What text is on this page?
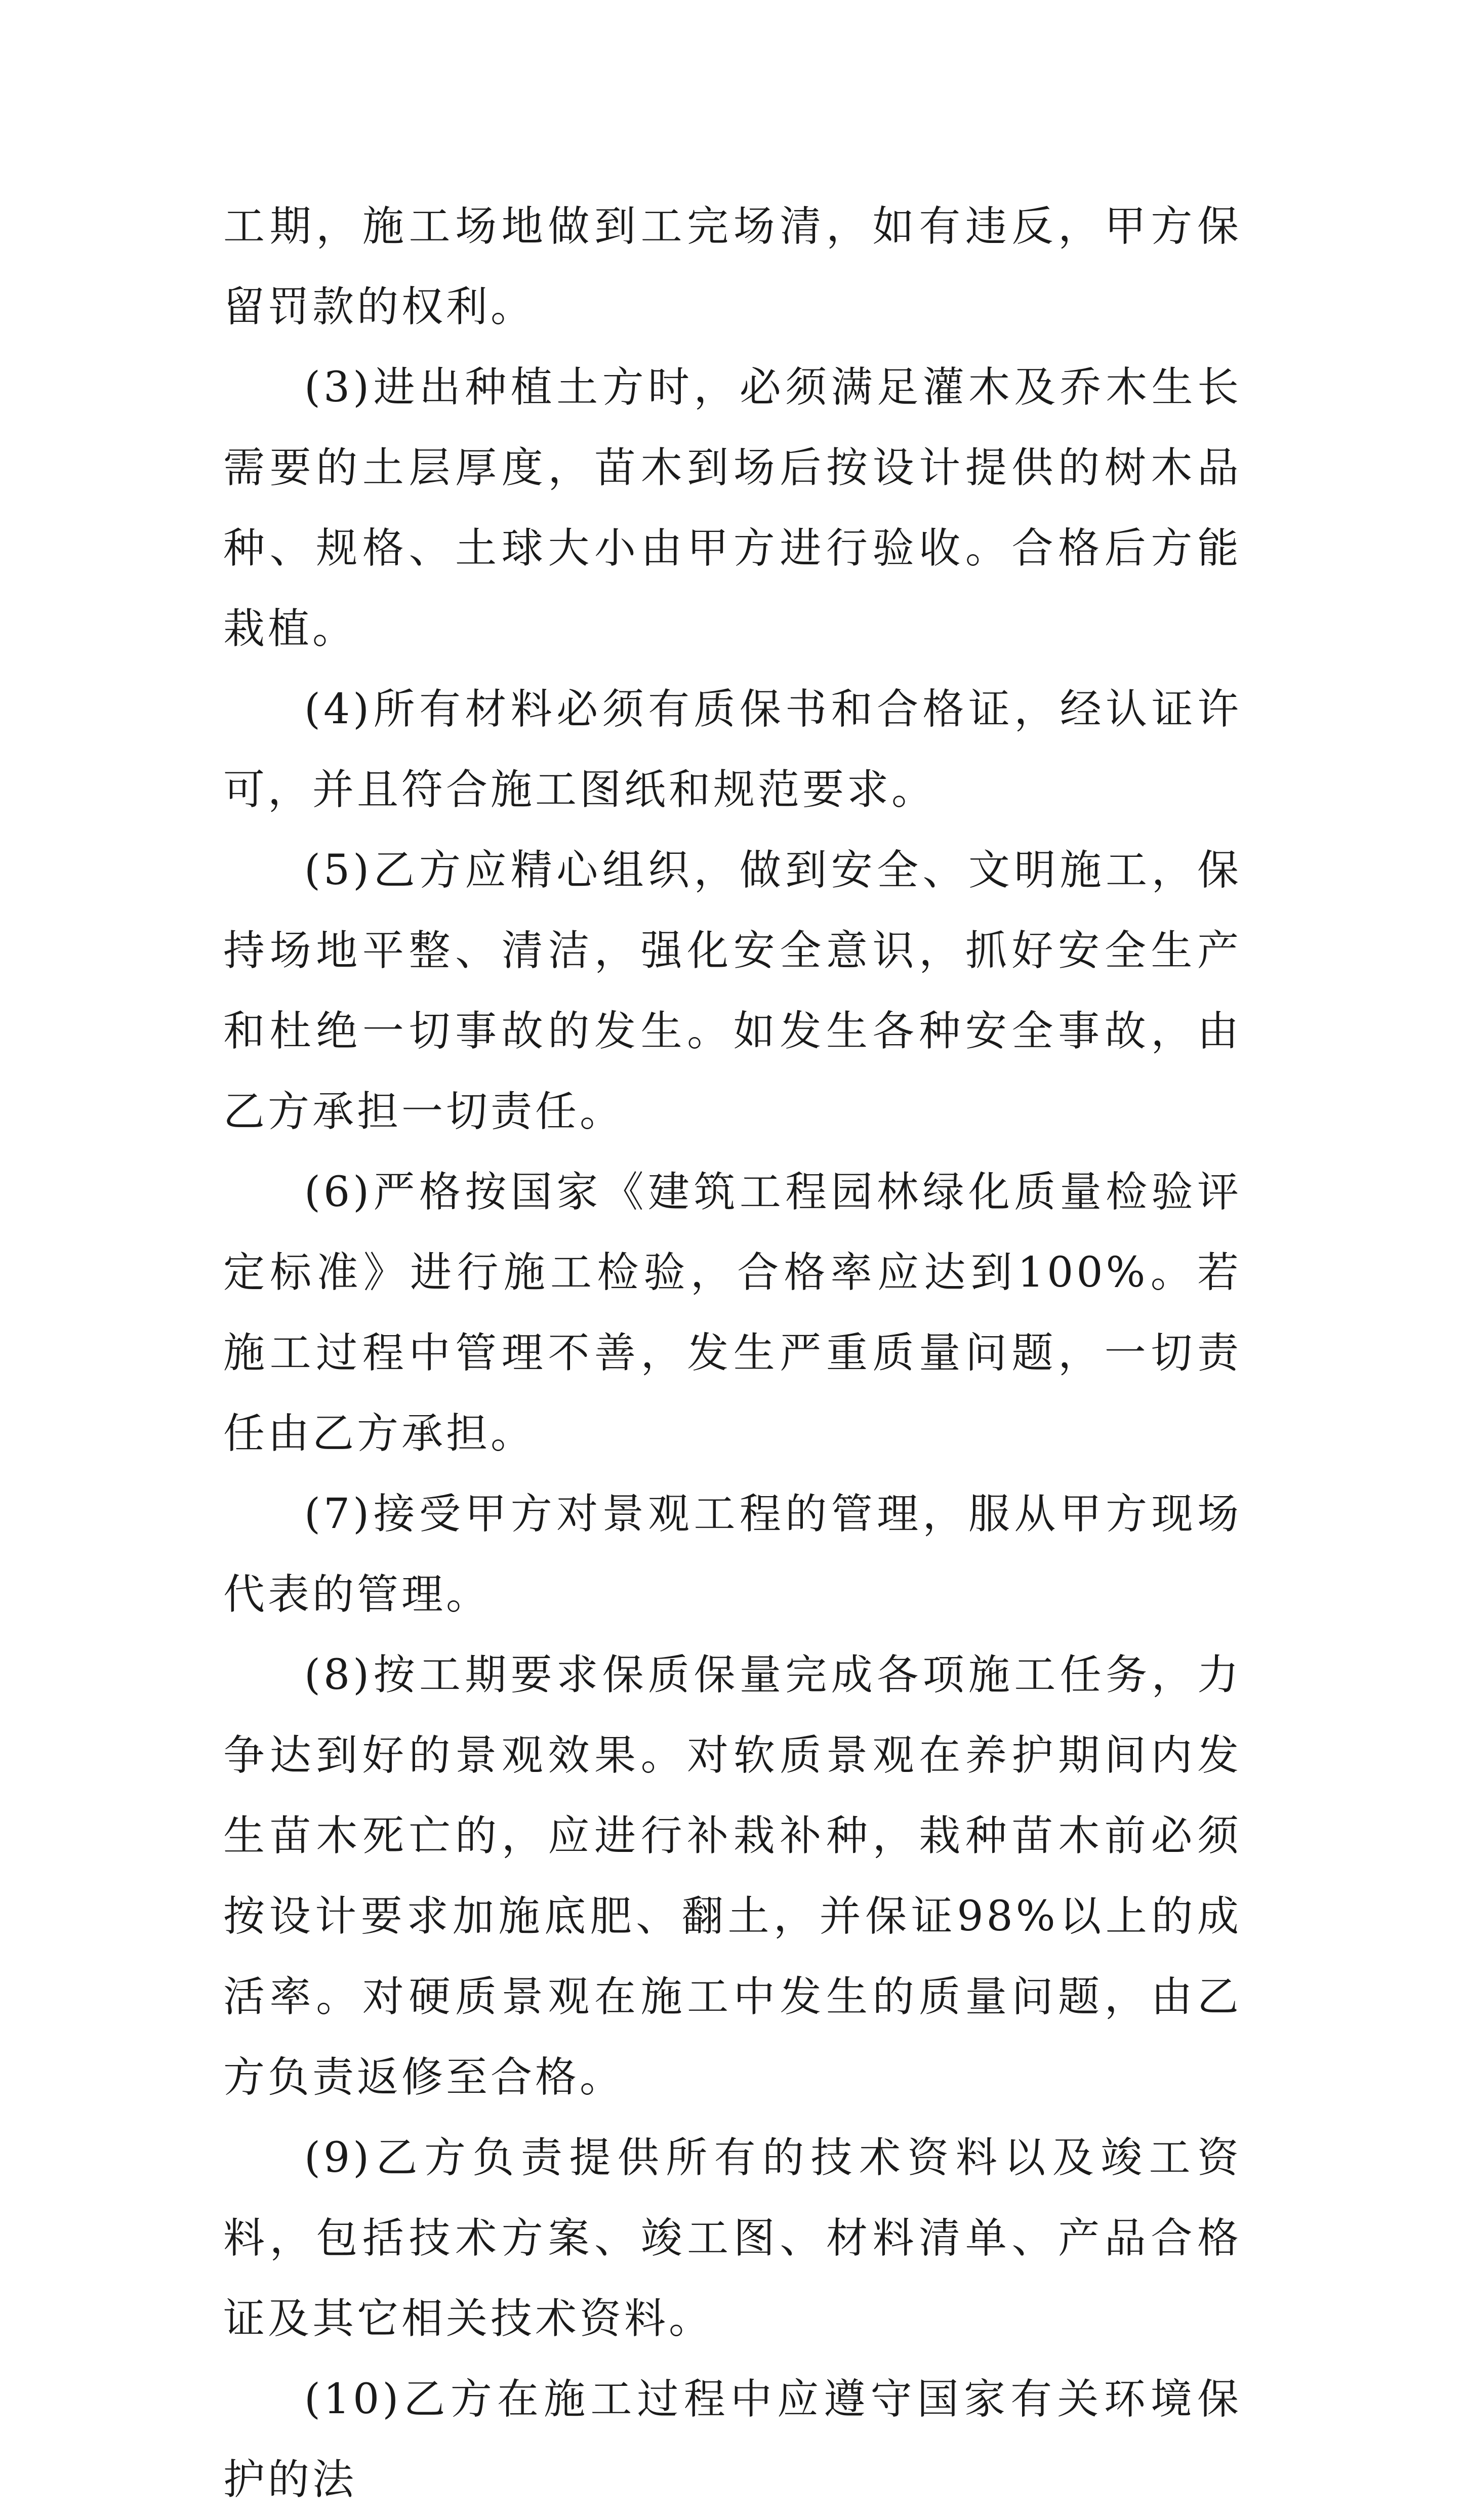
工期，施工场地做到工完场清，如有违反，甲方保留罚款的权利。

(3)进出种植土方时，必须满足灌木及乔木生长需要的土层厚度，苗木到场后按设计提供的树木品种、规格、土球大小由甲方进行验收。合格后方能栽植。

(4)所有材料必须有质保书和合格证，经认证许可，并且符合施工图纸和规范要求。

(5)乙方应精心组织，做到安全、文明施工，保持场地平整、清洁，强化安全意识，抓好安全生产和杜绝一切事故的发生。如发生各种安全事故，由乙方承担一切责任。

(6)严格按国家《建筑工程园林绿化质量检验评定标准》进行施工检验，合格率应达到100%。若施工过程中管理不善，发生严重质量问题，一切责任由乙方承担。

(7)接受甲方对景观工程的管理，服从甲方现场代表的管理。

(8)按工期要求保质保量完成各项施工任务，力争达到好的景观效果。对软质景观在养护期间内发生苗木死亡的，应进行补栽补种，栽种苗木前必须按设计要求加施底肥、翻土，并保证98%以上的成活率。对硬质景观在施工中发生的质量问题，由乙方负责返修至合格。

(9)乙方负责提供所有的技术资料以及竣工资料，包括技术方案、竣工图、材料清单、产品合格证及其它相关技术资料。

(10)乙方在施工过程中应遵守国家有关环境保护的法
